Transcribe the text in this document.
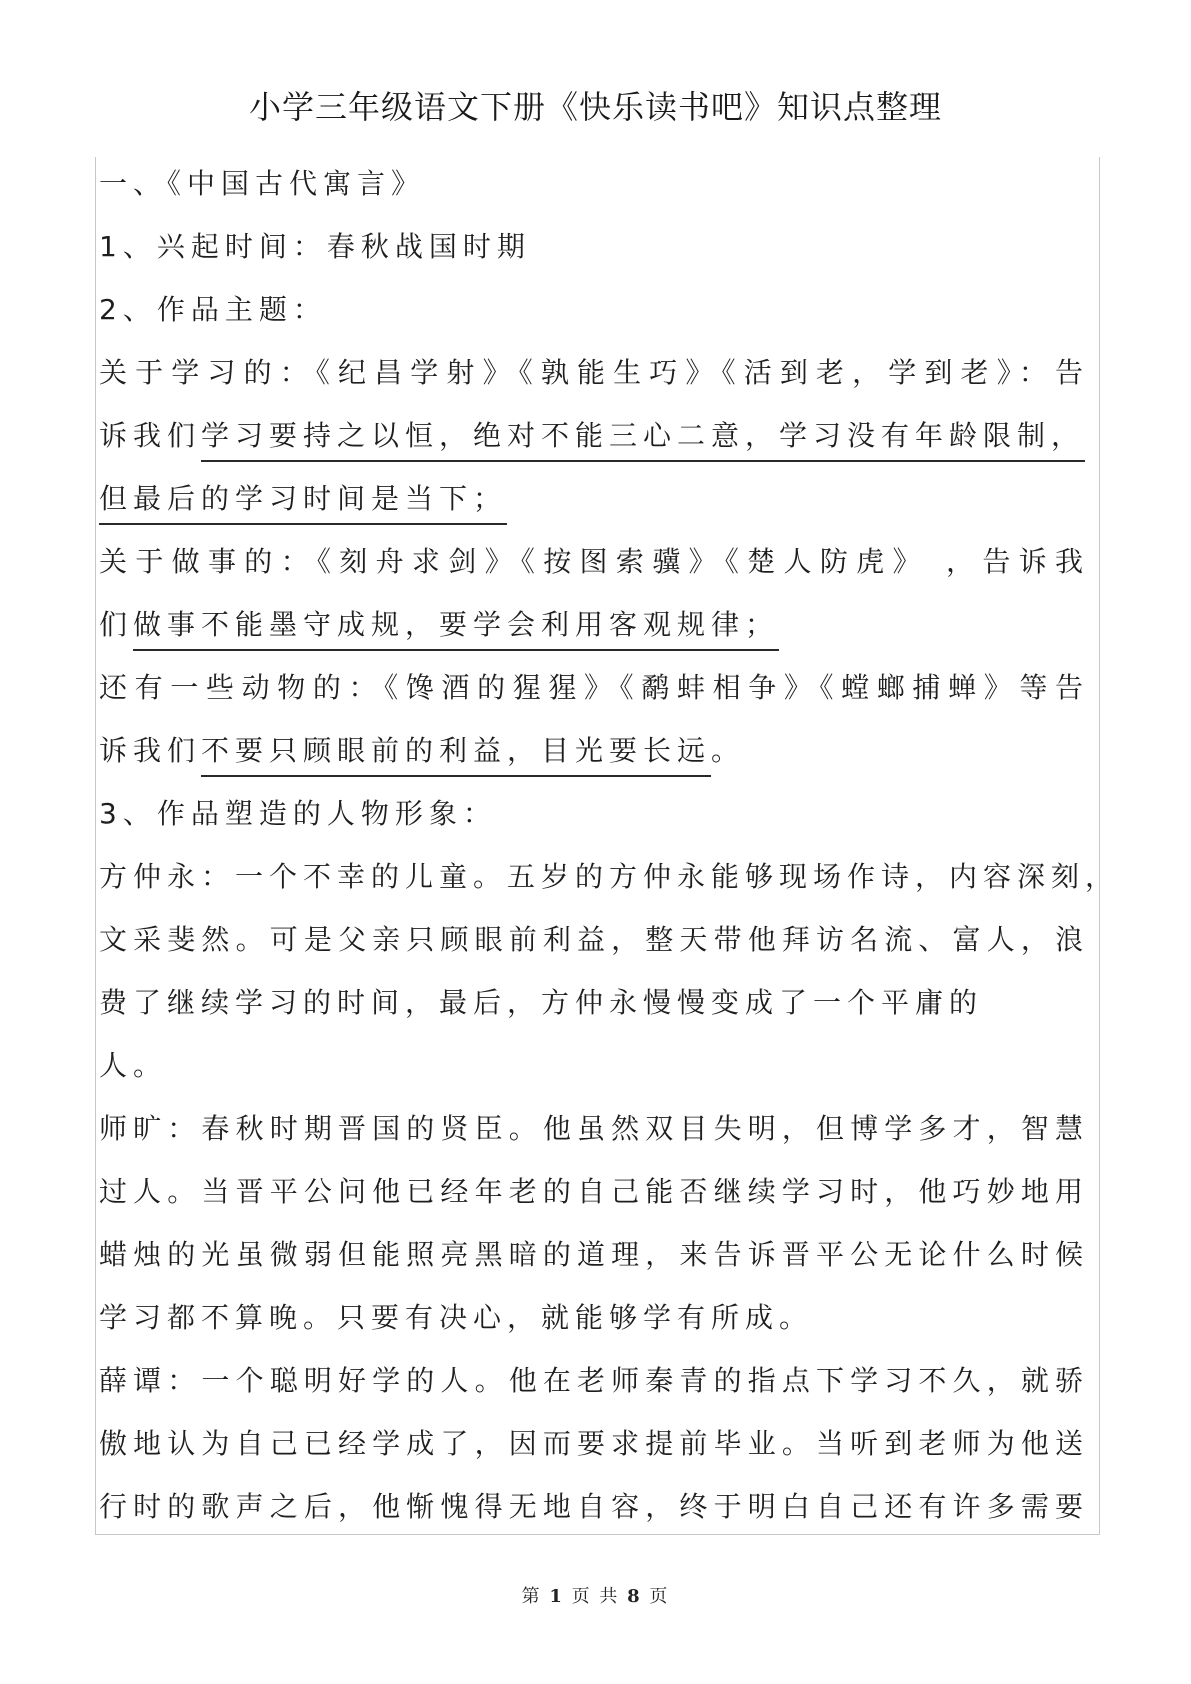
小学三年级语文下册《快乐读书吧》知识点整理
一、《中国古代寓言》
1、兴起时间：春秋战国时期
2、作品主题：
关于学习的：《纪昌学射》《孰能生巧》《活到老，学到老》：告
诉我们学习要持之以恒，绝对不能三心二意，学习没有年龄限制，
但最后的学习时间是当下；
关于做事的：《刻舟求剑》《按图索骥》《楚人防虎》 ，告诉我
们做事不能墨守成规，要学会利用客观规律；
还有一些动物的：《馋酒的猩猩》《鹬蚌相争》《螳螂捕蝉》等告
诉我们不要只顾眼前的利益，目光要长远。
3、作品塑造的人物形象：
方仲永：一个不幸的儿童。五岁的方仲永能够现场作诗，内容深刻，
文采斐然。可是父亲只顾眼前利益，整天带他拜访名流、富人，浪
费了继续学习的时间，最后，方仲永慢慢变成了一个平庸的
人。
师旷：春秋时期晋国的贤臣。他虽然双目失明，但博学多才，智慧
过人。当晋平公问他已经年老的自己能否继续学习时，他巧妙地用
蜡烛的光虽微弱但能照亮黑暗的道理，来告诉晋平公无论什么时候
学习都不算晚。只要有决心，就能够学有所成。
薛谭：一个聪明好学的人。他在老师秦青的指点下学习不久，就骄
傲地认为自己已经学成了，因而要求提前毕业。当听到老师为他送
行时的歌声之后，他惭愧得无地自容，终于明白自己还有许多需要
第 1 页 共 8 页
